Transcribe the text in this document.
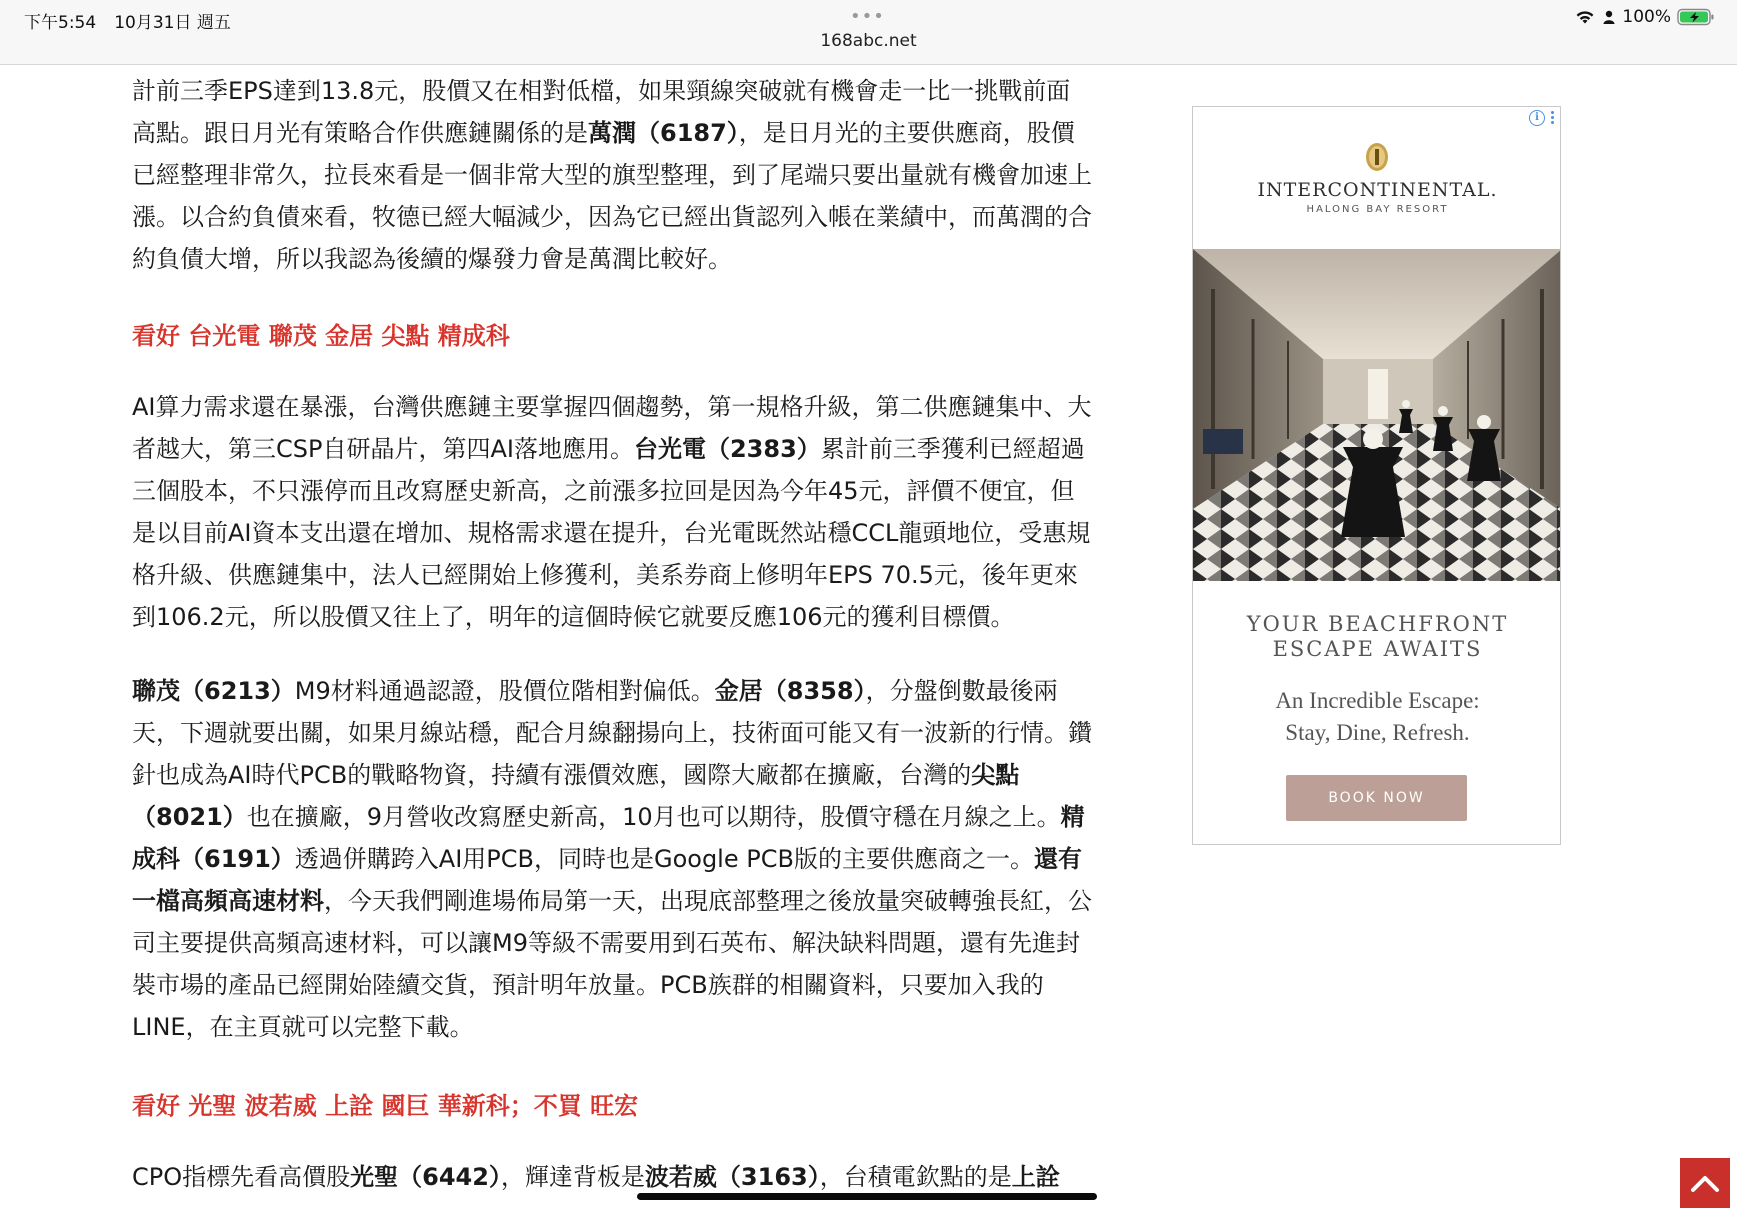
下午5:54 10月31日 週五	•••
168abc.net
100%

計前三季EPS達到13.8元，股價又在相對低檔，如果頸線突破就有機會走一比一挑戰前面高點。跟日月光有策略合作供應鏈關係的是萬潤（6187），是日月光的主要供應商，股價已經整理非常久，拉長來看是一個非常大型的旗型整理，到了尾端只要出量就有機會加速上漲。以合約負債來看，牧德已經大幅減少，因為它已經出貨認列入帳在業績中，而萬潤的合約負債大增，所以我認為後續的爆發力會是萬潤比較好。

看好 台光電 聯茂 金居 尖點 精成科

AI算力需求還在暴漲，台灣供應鏈主要掌握四個趨勢，第一規格升級，第二供應鏈集中、大者越大，第三CSP自研晶片，第四AI落地應用。台光電（2383）累計前三季獲利已經超過三個股本，不只漲停而且改寫歷史新高，之前漲多拉回是因為今年45元，評價不便宜，但是以目前AI資本支出還在增加、規格需求還在提升，台光電既然站穩CCL龍頭地位，受惠規格升級、供應鏈集中，法人已經開始上修獲利，美系券商上修明年EPS 70.5元，後年更來到106.2元，所以股價又往上了，明年的這個時候它就要反應106元的獲利目標價。

聯茂（6213）M9材料通過認證，股價位階相對偏低。金居（8358），分盤倒數最後兩天，下週就要出關，如果月線站穩，配合月線翻揚向上，技術面可能又有一波新的行情。鑽針也成為AI時代PCB的戰略物資，持續有漲價效應，國際大廠都在擴廠，台灣的尖點（8021）也在擴廠，9月營收改寫歷史新高，10月也可以期待，股價守穩在月線之上。精成科（6191）透過併購跨入AI用PCB，同時也是Google PCB版的主要供應商之一。還有一檔高頻高速材料，今天我們剛進場佈局第一天，出現底部整理之後放量突破轉強長紅，公司主要提供高頻高速材料，可以讓M9等級不需要用到石英布、解決缺料問題，還有先進封裝市場的產品已經開始陸續交貨，預計明年放量。PCB族群的相關資料，只要加入我的LINE，在主頁就可以完整下載。

看好 光聖 波若威 上詮 國巨 華新科；不買 旺宏

CPO指標先看高價股光聖（6442），輝達背板是波若威（3163），台積電欽點的是上詮

i
INTERCONTINENTAL.
HALONG BAY RESORT
YOUR BEACHFRONT
ESCAPE AWAITS
An Incredible Escape:
Stay, Dine, Refresh.
BOOK NOW
